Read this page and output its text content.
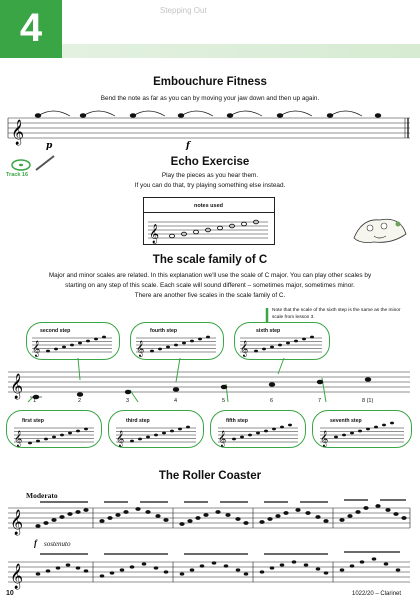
4	Stepping Out
Embouchure Fitness
Bend the note as far as you can by moving your jaw down and then up again.
𝄞
p	f
Track 16
Echo Exercise
Play the pieces as you hear them.
If you can do that, try playing something else instead.
notes used
𝄞
The scale family of C
Major and minor scales are related. In this explanation we'll use the scale of C major. You can play other scales by
starting on any step of this scale. Each scale will sound different – sometimes major, sometimes minor.
There are another five scales in the scale family of C.
Note that the scale of the sixth step is the same as the minor scale from lesson 3.
second step	fourth step	sixth step
𝄞	𝄞	𝄞
𝄞
1	2	3	4	5	6	7	8 (1)
first step	third step	fifth step	seventh step
𝄞	𝄞	𝄞	𝄞
The Roller Coaster
Moderato
𝄞
f sostenuto
𝄞
10	1022/20 – Clarinet
